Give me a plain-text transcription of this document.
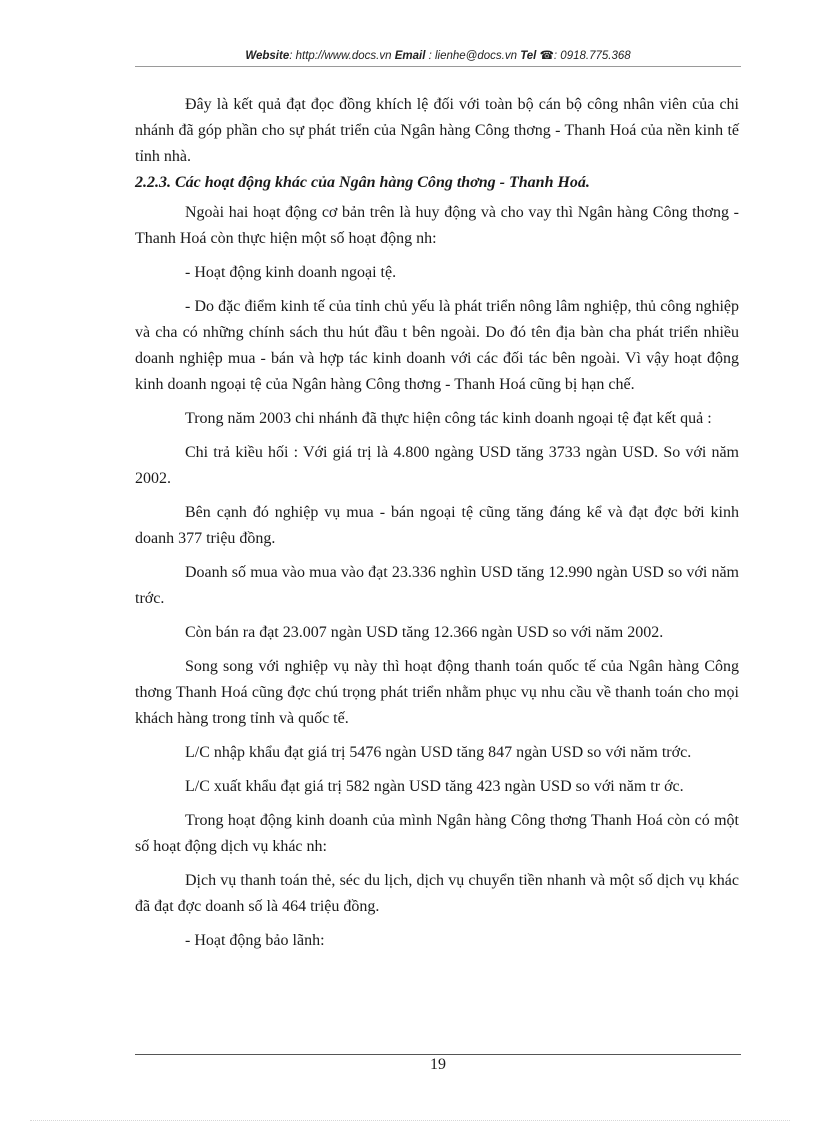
Website: http://www.docs.vn Email : lienhe@docs.vn Tel ☎: 0918.775.368

Đây là kết quả đạt đọc đồng khích lệ đối với toàn bộ cán bộ công nhân viên của chi nhánh đã góp phần cho sự phát triển của Ngân hàng Công thơng - Thanh Hoá của nền kinh tế tỉnh nhà.

2.2.3. Các hoạt động khác của Ngân hàng Công thơng - Thanh Hoá.

Ngoài hai hoạt động cơ bản trên là huy động và cho vay thì Ngân hàng Công thơng - Thanh Hoá còn thực hiện một số hoạt động nh:

- Hoạt động kinh doanh ngoại tệ.

- Do đặc điểm kinh tế của tỉnh chủ yếu là phát triển nông lâm nghiệp, thủ công nghiệp và cha có những chính sách thu hút đầu t bên ngoài. Do đó tên địa bàn cha phát triển nhiều doanh nghiệp mua - bán và hợp tác kinh doanh với các đối tác bên ngoài. Vì vậy hoạt động kinh doanh ngoại tệ của Ngân hàng Công thơng - Thanh Hoá cũng bị hạn chế.

Trong năm 2003 chi nhánh đã thực hiện công tác kinh doanh ngoại tệ đạt kết quả :

Chi trả kiều hối : Với giá trị là 4.800 ngàng USD tăng 3733 ngàn USD. So với năm 2002.

Bên cạnh đó nghiệp vụ mua - bán ngoại tệ cũng tăng đáng kể và đạt đợc bởi kinh doanh 377 triệu đồng.

Doanh số mua vào mua vào đạt 23.336 nghìn USD tăng 12.990 ngàn USD so với năm trớc.

Còn bán ra đạt 23.007 ngàn USD tăng 12.366 ngàn USD so với năm 2002.

Song song với nghiệp vụ này thì hoạt động thanh toán quốc tế của Ngân hàng Công thơng Thanh Hoá cũng đợc chú trọng phát triển nhằm phục vụ nhu cầu về thanh toán cho mọi khách hàng trong tỉnh và quốc tế.

L/C nhập khẩu đạt giá trị 5476 ngàn USD tăng 847 ngàn USD so với năm trớc.

L/C xuất khẩu đạt giá trị 582 ngàn USD tăng 423 ngàn USD so với năm tr ớc.

Trong hoạt động kinh doanh của mình Ngân hàng Công thơng Thanh Hoá còn có một số hoạt động dịch vụ khác nh:

Dịch vụ thanh toán thẻ, séc du lịch, dịch vụ chuyển tiền nhanh và một số dịch vụ khác đã đạt đợc doanh số là 464 triệu đồng.

- Hoạt động bảo lãnh:

19
